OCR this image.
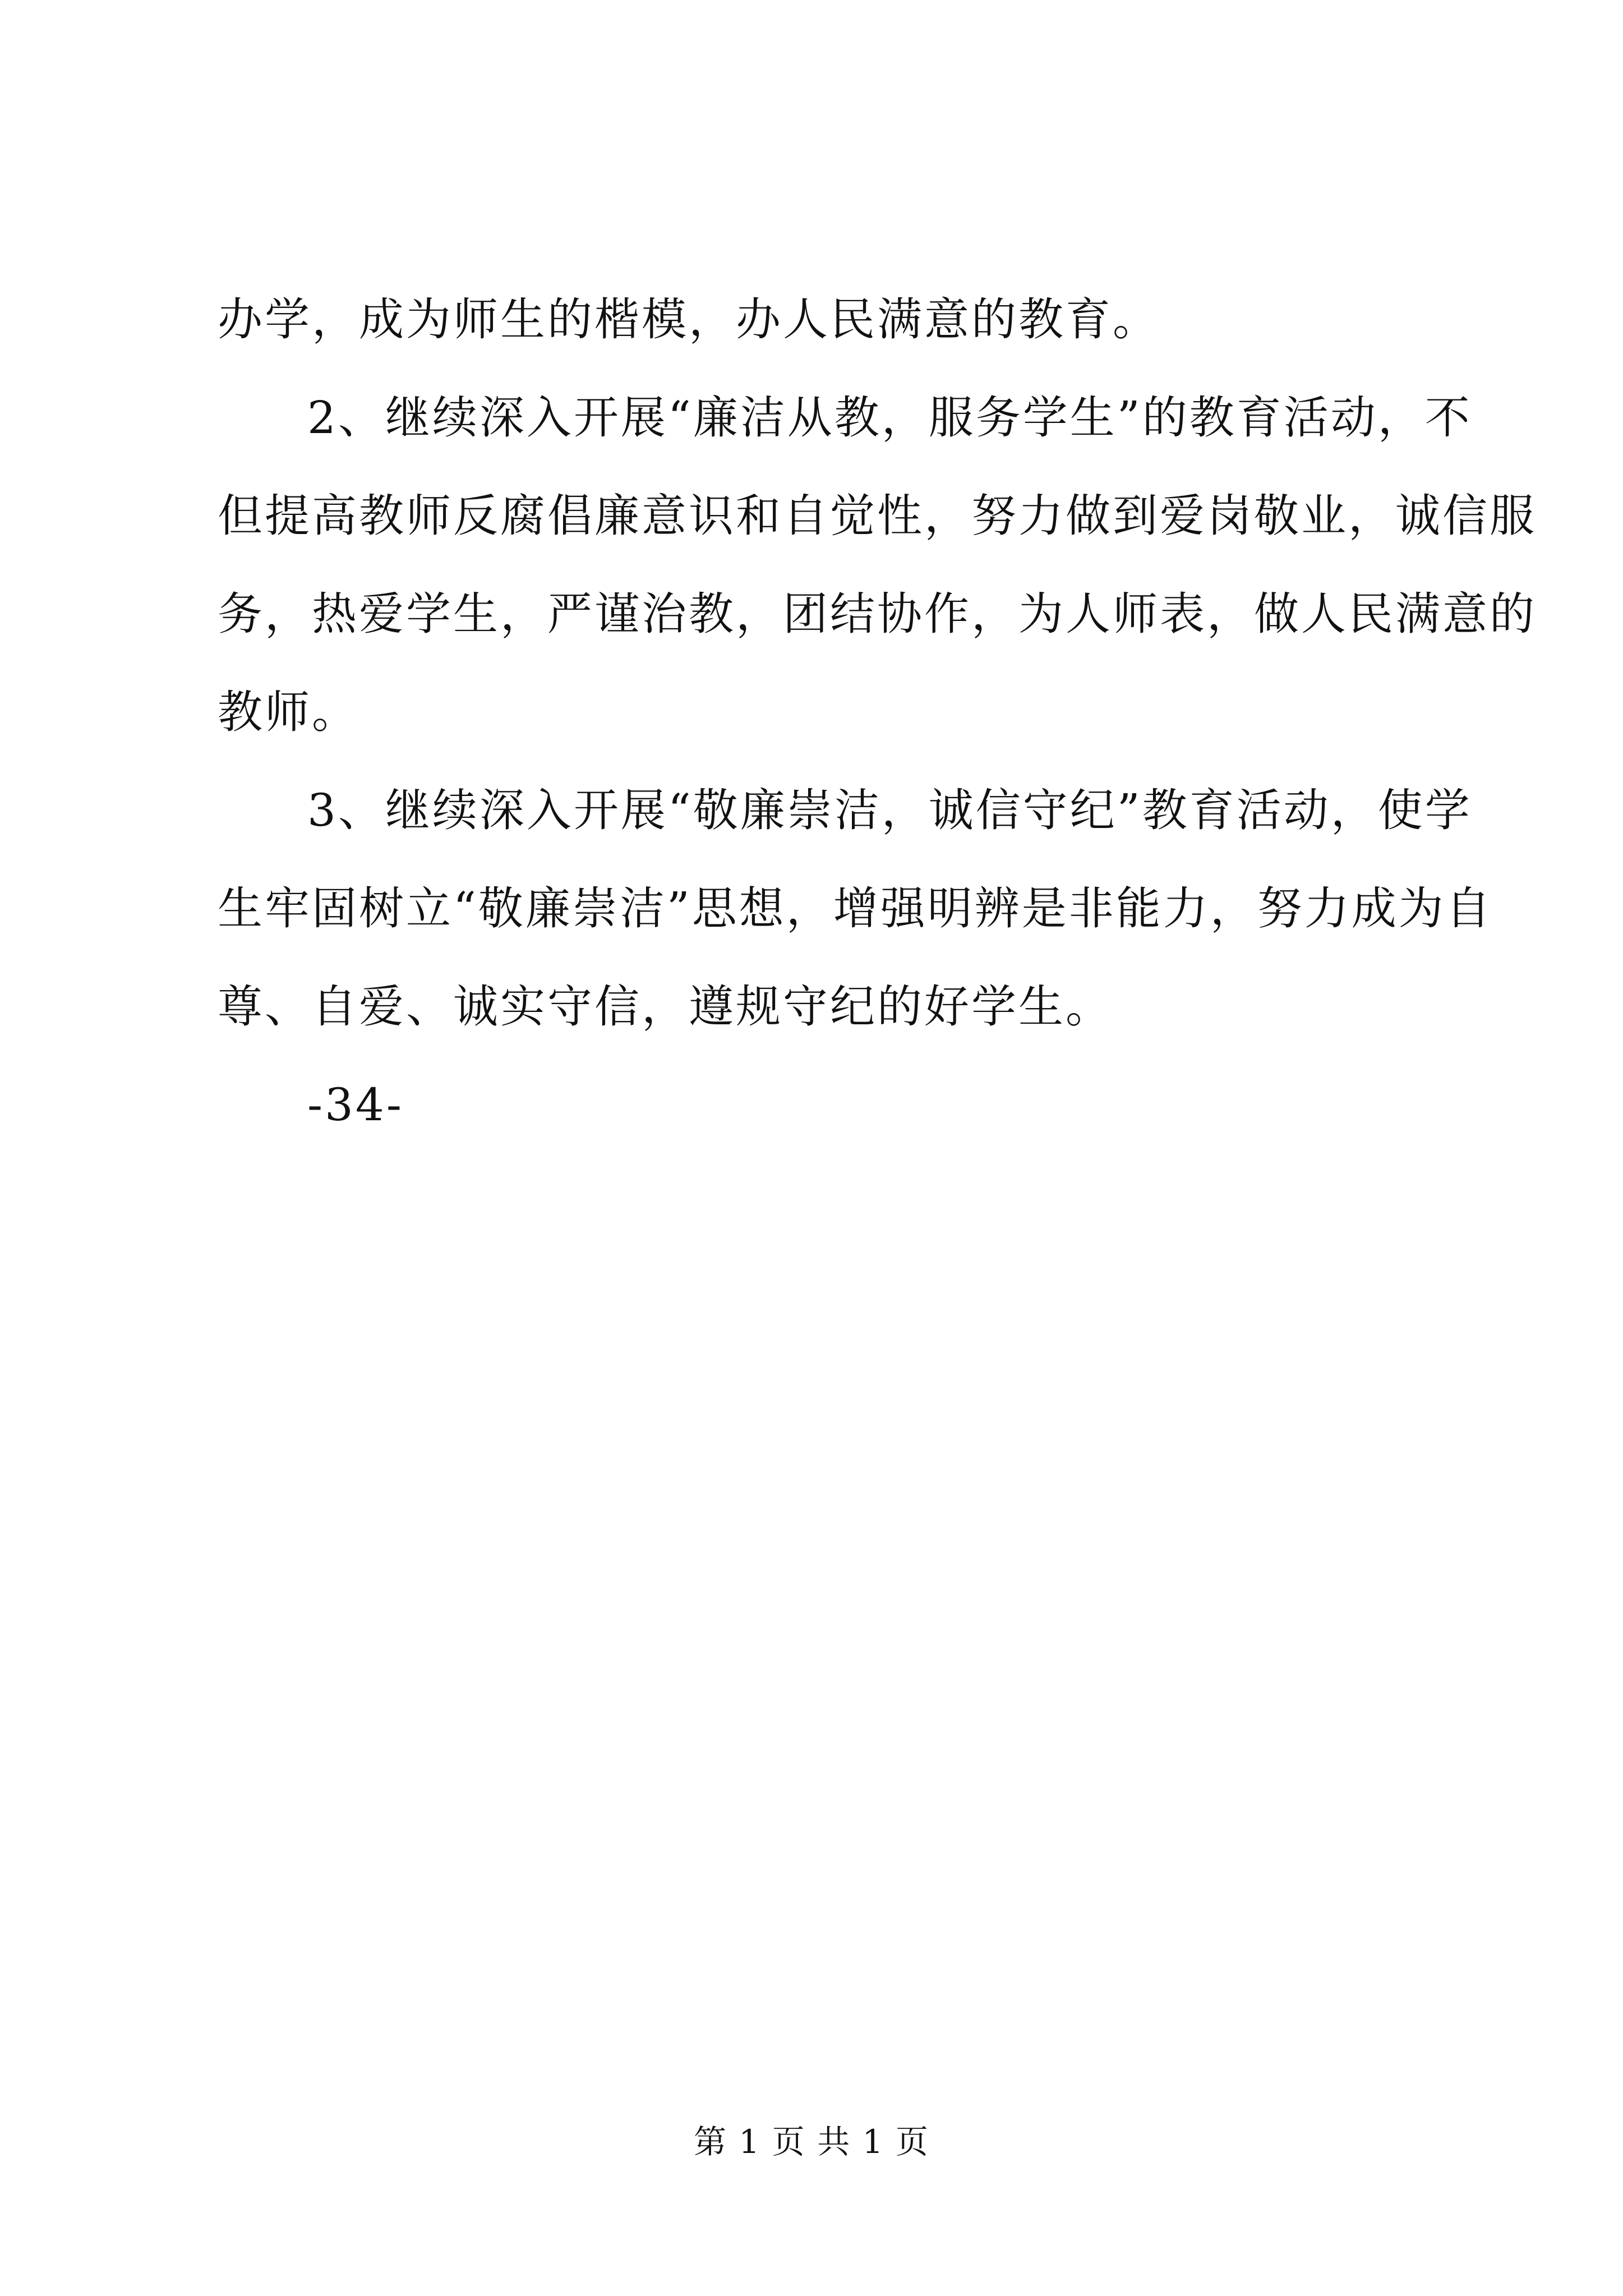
办学，成为师生的楷模，办人民满意的教育。
2、继续深入开展“廉洁从教，服务学生”的教育活动，不
但提高教师反腐倡廉意识和自觉性，努力做到爱岗敬业，诚信服
务，热爱学生，严谨治教，团结协作，为人师表，做人民满意的
教师。
3、继续深入开展“敬廉崇洁，诚信守纪”教育活动，使学
生牢固树立“敬廉崇洁”思想，增强明辨是非能力，努力成为自
尊、自爱、诚实守信，遵规守纪的好学生。
-34-
第 1 页 共 1 页
